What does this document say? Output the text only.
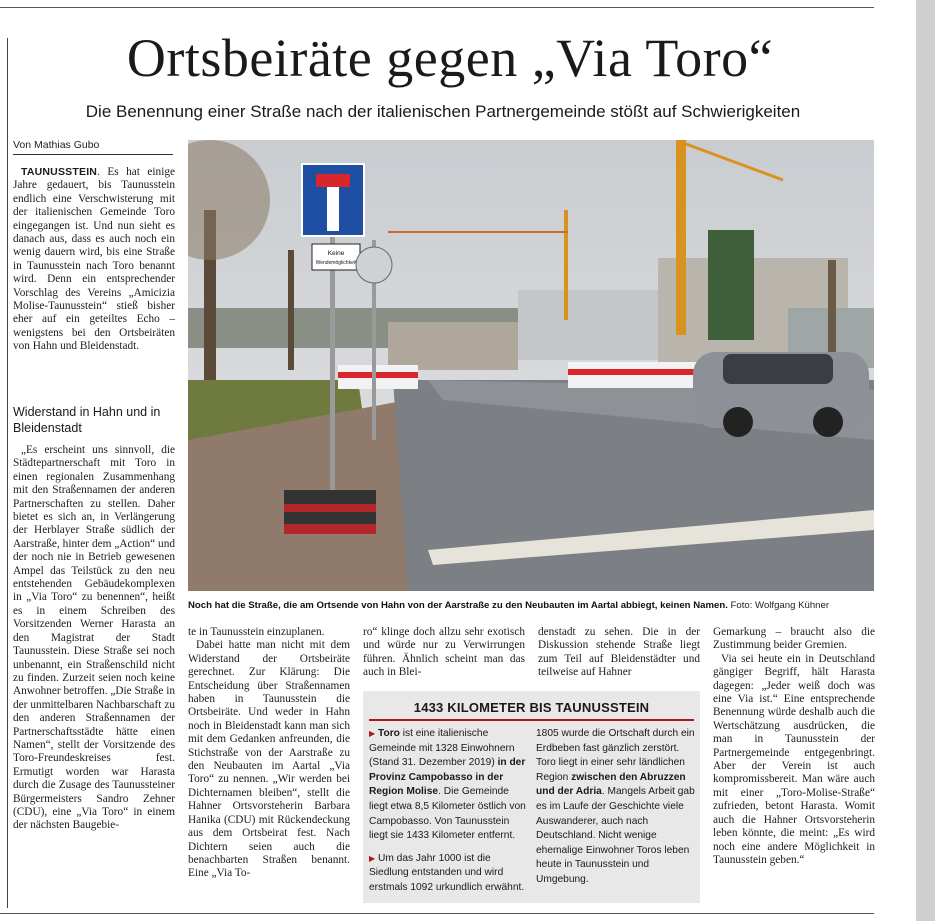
Ortsbeiräte gegen „Via Toro“
Die Benennung einer Straße nach der italienischen Partnergemeinde stößt auf Schwierigkeiten
Von Mathias Gubo

TAUNUSSTEIN. Es hat einige Jahre gedauert, bis Taunusstein endlich eine Verschwisterung mit der italienischen Gemeinde Toro eingegangen ist. Und nun sieht es danach aus, dass es auch noch ein wenig dauern wird, bis eine Straße in Taunusstein nach Toro benannt wird. Denn ein entsprechender Vorschlag des Vereins „Amicizia Molise-Taunusstein“ stieß bisher eher auf ein geteiltes Echo – wenigstens bei den Ortsbeiräten von Hahn und Bleidenstadt.

Widerstand in Hahn und in Bleidenstadt

„Es erscheint uns sinnvoll, die Städtepartnerschaft mit Toro in einen regionalen Zusammenhang mit den Straßennamen der anderen Partnerschaften zu stellen. Daher bietet es sich an, in Verlängerung der Herblayer Straße südlich der Aarstraße, hinter dem „Action“ und der noch nie in Betrieb gewesenen Ampel das Teilstück zu den neu entstehenden Gebäudekomplexen in „Via Toro“ zu benennen“, heißt es in einem Schreiben des Vorsitzenden Werner Harasta an den Magistrat der Stadt Taunusstein. Diese Straße sei noch unbenannt, ein Straßenschild nicht zu finden. Zurzeit seien noch keine Anwohner betroffen. „Die Straße in der unmittelbaren Nachbarschaft zu den anderen Straßennamen der Partnerschaftsstädte hätte einen Namen“, stellt der Vorsitzende des Toro-Freundeskreises fest. Ermutigt worden war Harasta durch die Zusage des Taunussteiner Bürgermeisters Sandro Zehner (CDU), eine „Via Toro“ in einem der nächsten Baugebie-

Keine
Wendemöglichkeit
Noch hat die Straße, die am Ortsende von Hahn von der Aarstraße zu den Neubauten im Aartal abbiegt, keinen Namen. Foto: Wolfgang Kühner

te in Taunusstein einzuplanen.

Dabei hatte man nicht mit dem Widerstand der Ortsbeiräte gerechnet. Zur Klärung: Die Entscheidung über Straßennamen haben in Taunusstein die Ortsbeiräte. Und weder in Hahn noch in Bleidenstadt kann man sich mit dem Gedanken anfreunden, die Stichstraße von der Aarstraße zu den Neubauten im Aartal „Via Toro“ zu nennen. „Wir werden bei Dichternamen bleiben“, stellt die Hahner Ortsvorsteherin Barbara Hanika (CDU) mit Rückendeckung aus dem Ortsbeirat fest. Nach Dichtern seien auch die benachbarten Straßen benannt. Eine „Via To-

ro“ klinge doch allzu sehr exotisch und würde nur zu Verwirrungen führen. Ähnlich scheint man das auch in Blei-

denstadt zu sehen. Die in der Diskussion stehende Straße liegt zum Teil auf Bleidenstädter und teilweise auf Hahner

Gemarkung – braucht also die Zustimmung beider Gremien.

Via sei heute ein in Deutschland gängiger Begriff, hält Harasta dagegen: „Jeder weiß doch was eine Via ist.“ Eine entsprechende Benennung würde deshalb auch die Wertschätzung ausdrücken, die man in Taunusstein der Partnergemeinde entgegenbringt. Aber der Verein ist auch kompromissbereit. Man wäre auch mit einer „Toro-Molise-Straße“ zufrieden, betont Harasta. Womit auch die Hahner Ortsvorsteherin leben könnte, die meint: „Es wird noch eine andere Möglichkeit in Taunusstein geben.“

1433 KILOMETER BIS TAUNUSSTEIN

▶ Toro ist eine italienische Gemeinde mit 1328 Einwohnern (Stand 31. Dezember 2019) in der Provinz Campobasso in der Region Molise. Die Gemeinde liegt etwa 8,5 Kilometer östlich von Campobasso. Von Taunusstein liegt sie 1433 Kilometer entfernt.

▶ Um das Jahr 1000 ist die Siedlung entstanden und wird erstmals 1092 urkundlich erwähnt.

1805 wurde die Ortschaft durch ein Erdbeben fast gänzlich zerstört. Toro liegt in einer sehr ländlichen Region zwischen den Abruzzen und der Adria. Mangels Arbeit gab es im Laufe der Geschichte viele Auswanderer, auch nach Deutschland. Nicht wenige ehemalige Einwohner Toros leben heute in Taunusstein und Umgebung.
